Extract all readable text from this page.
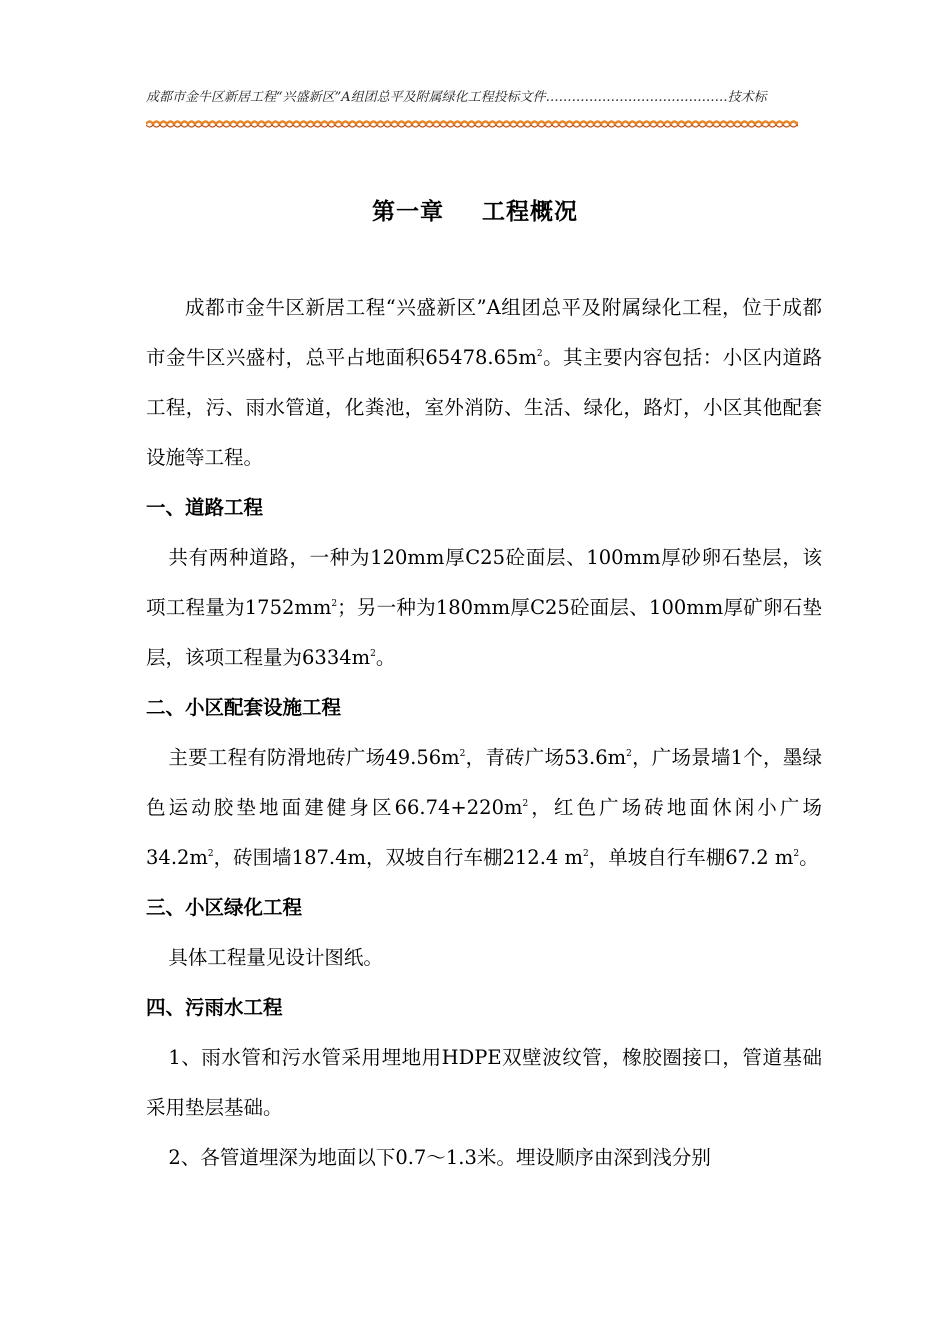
成都市金牛区新居工程“兴盛新区”A组团总平及附属绿化工程投标文件……………………………………技术标
第一章 工程概况

成都市金牛区新居工程“兴盛新区”A组团总平及附属绿化工程，位于成都市金牛区兴盛村，总平占地面积$65478.65m^2$。其主要内容包括：小区内道路工程，污、雨水管道，化粪池，室外消防、生活、绿化，路灯，小区其他配套设施等工程。

一、道路工程

共有两种道路，一种为120mm厚C25砼面层、100mm厚砂卵石垫层，该项工程量为$1752mm^2$；另一种为180mm厚C25砼面层、100mm厚矿卵石垫层，该项工程量为$6334m^2$。

二、小区配套设施工程

主要工程有防滑地砖广场$49.56m^2$，青砖广场$53.6m^2$，广场景墙1个，墨绿色运动胶垫地面建健身区$66.74+220m^2$，红色广场砖地面休闲小广场$34.2m^2$，砖围墙187.4m，双坡自行车棚212.4 $m^2$，单坡自行车棚67.2 $m^2$。

三、小区绿化工程

具体工程量见设计图纸。

四、污雨水工程

1、雨水管和污水管采用埋地用HDPE双壁波纹管，橡胶圈接口，管道基础采用垫层基础。

2、各管道埋深为地面以下0.7～1.3米。埋设顺序由深到浅分别
